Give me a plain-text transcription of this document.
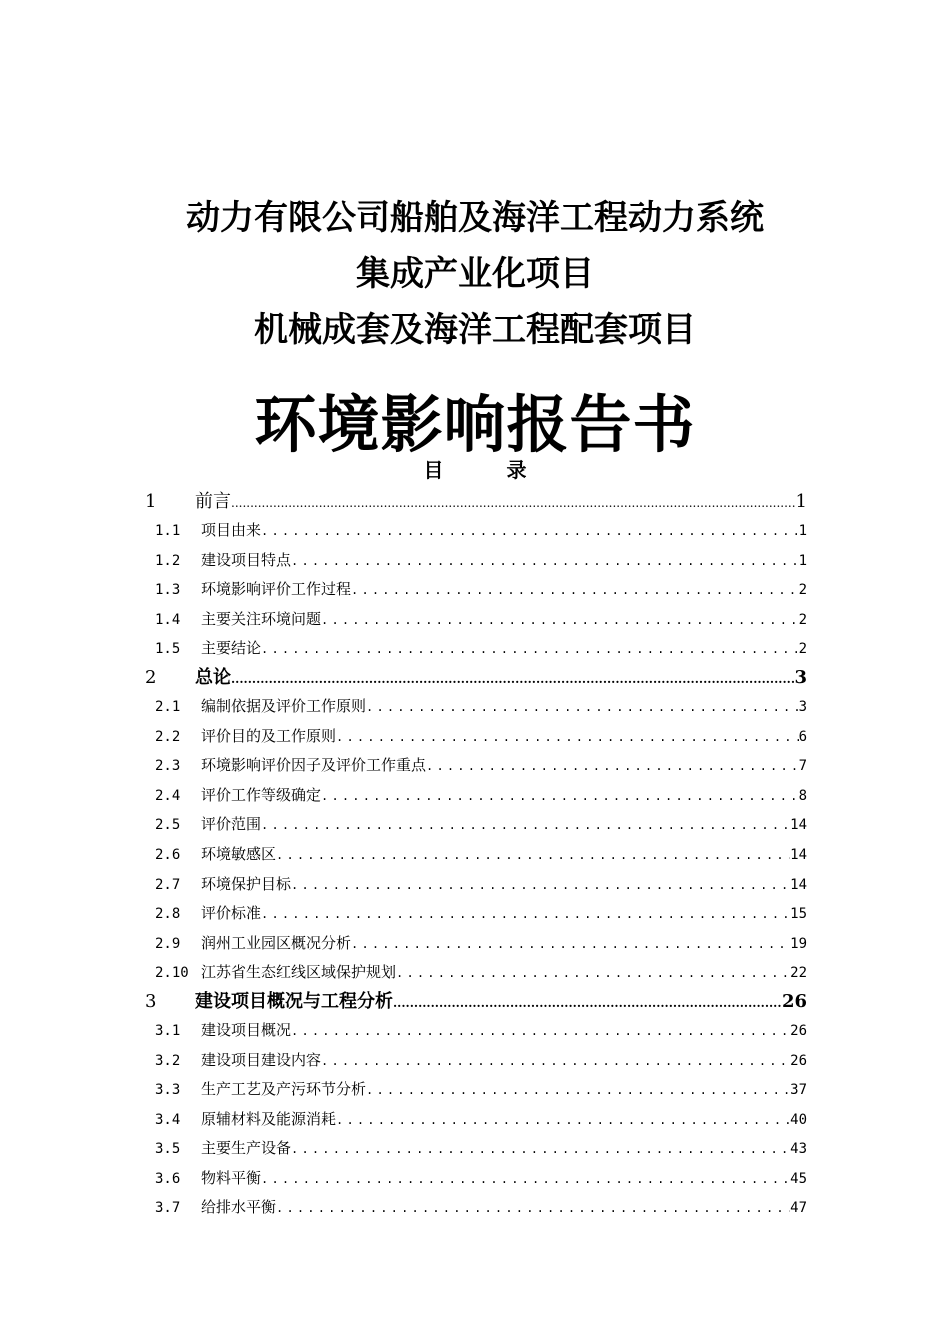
动力有限公司船舶及海洋工程动力系统
集成产业化项目
机械成套及海洋工程配套项目
环境影响报告书
目 录
1	前言 .....	1
1.1	项目由来 .....	1
1.2	建设项目特点 .....	1
1.3	环境影响评价工作过程 .....	2
1.4	主要关注环境问题 .....	2
1.5	主要结论 .....	2
2	总论 .....	3
2.1	编制依据及评价工作原则 .....	3
2.2	评价目的及工作原则 .....	6
2.3	环境影响评价因子及评价工作重点 .....	7
2.4	评价工作等级确定 .....	8
2.5	评价范围 .....	14
2.6	环境敏感区 .....	14
2.7	环境保护目标 .....	14
2.8	评价标准 .....	15
2.9	润州工业园区概况分析 .....	19
2.10 江苏省生态红线区域保护规划 .....	22
3	建设项目概况与工程分析 .....	26
3.1	建设项目概况 .....	26
3.2	建设项目建设内容 .....	26
3.3	生产工艺及产污环节分析 .....	37
3.4	原辅材料及能源消耗 .....	40
3.5	主要生产设备 .....	43
3.6	物料平衡 .....	45
3.7	给排水平衡 .....	47
